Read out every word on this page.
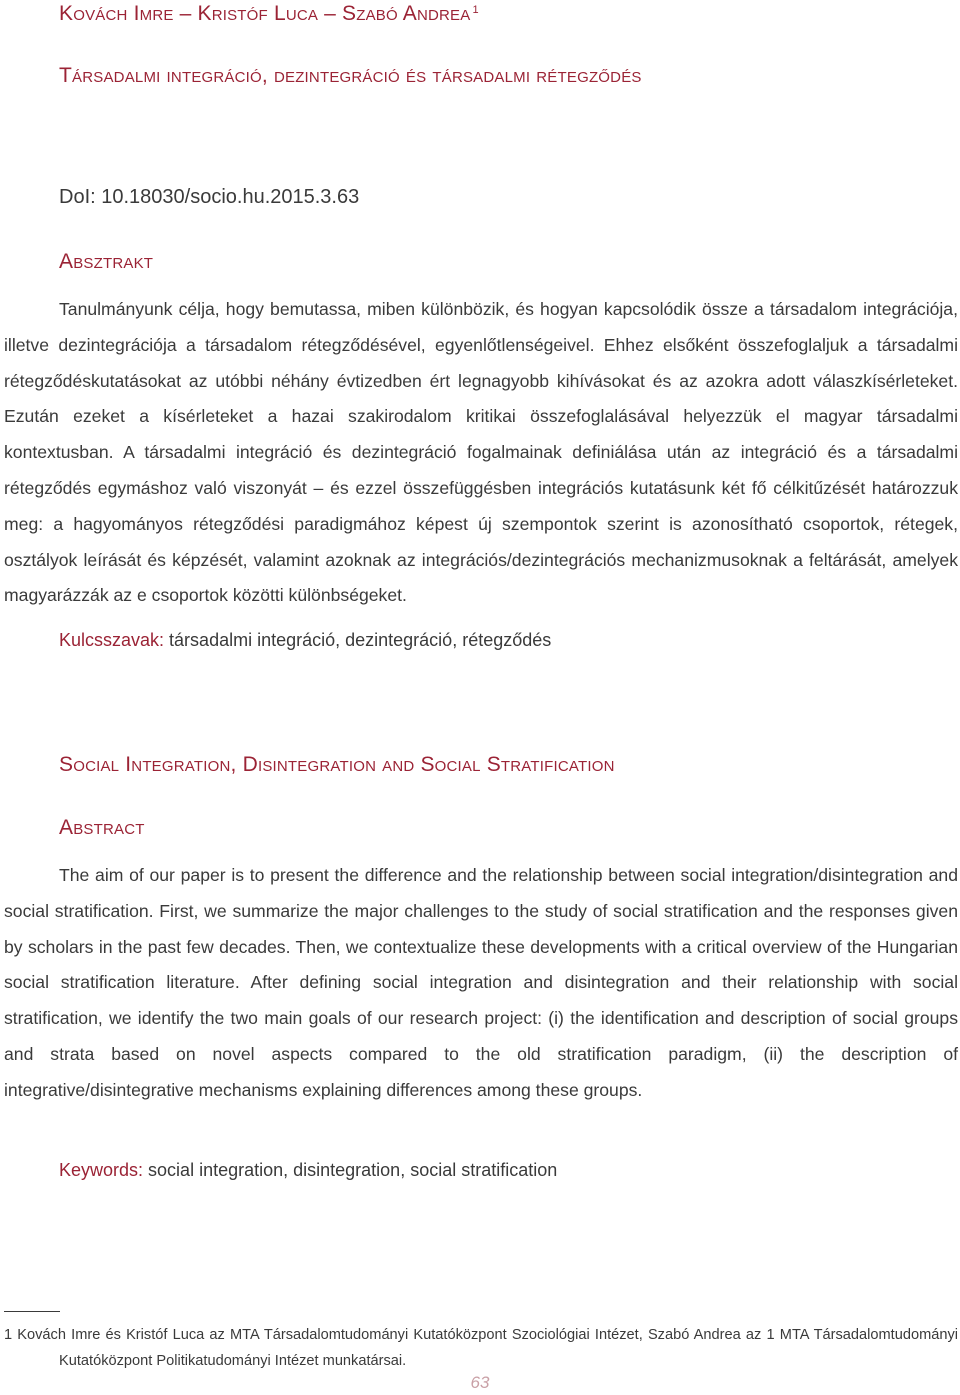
Kovách Imre – Kristóf Luca – Szabó Andrea $^1$
Társadalmi integráció, dezintegráció és társadalmi rétegződés
DoI: 10.18030/socio.hu.2015.3.63
Absztrakt

Tanulmányunk célja, hogy bemutassa, miben különbözik, és hogyan kapcsolódik össze a társadalom integrációja, illetve dezintegrációja a társadalom rétegződésével, egyenlőtlenségeivel. Ehhez elsőként összefoglaljuk a társadalmi rétegződéskutatásokat az utóbbi néhány évtizedben ért legnagyobb kihívásokat és az azokra adott válaszkísérleteket. Ezután ezeket a kísérleteket a hazai szakirodalom kritikai összefoglalásával helyezzük el magyar társadalmi kontextusban. A társadalmi integráció és dezintegráció fogalmainak definiálása után az integráció és a társadalmi rétegződés egymáshoz való viszonyát – és ezzel összefüggésben integrációs kutatásunk két fő célkitűzését határozzuk meg: a hagyományos rétegződési paradigmához képest új szempontok szerint is azonosítható csoportok, rétegek, osztályok leírását és képzését, valamint azoknak az integrációs/dezintegrációs mechanizmusoknak a feltárását, amelyek magyarázzák az e csoportok közötti különbségeket.

Kulcsszavak: társadalmi integráció, dezintegráció, rétegződés
Social Integration, Disintegration and Social Stratification
Abstract

The aim of our paper is to present the difference and the relationship between social integration/disintegration and social stratification. First, we summarize the major challenges to the study of social stratification and the responses given by scholars in the past few decades. Then, we contextualize these developments with a critical overview of the Hungarian social stratification literature. After defining social integration and disintegration and their relationship with social stratification, we identify the two main goals of our research project: (i) the identification and description of social groups and strata based on novel aspects compared to the old stratification paradigm, (ii) the description of integrative/disintegrative mechanisms explaining differences among these groups.

Keywords: social integration, disintegration, social stratification

1 Kovách Imre és Kristóf Luca az MTA Társadalomtudományi Kutatóközpont Szociológiai Intézet, Szabó Andrea az 1 MTA Társadalomtudományi Kutatóközpont Politikatudományi Intézet munkatársai.

63
